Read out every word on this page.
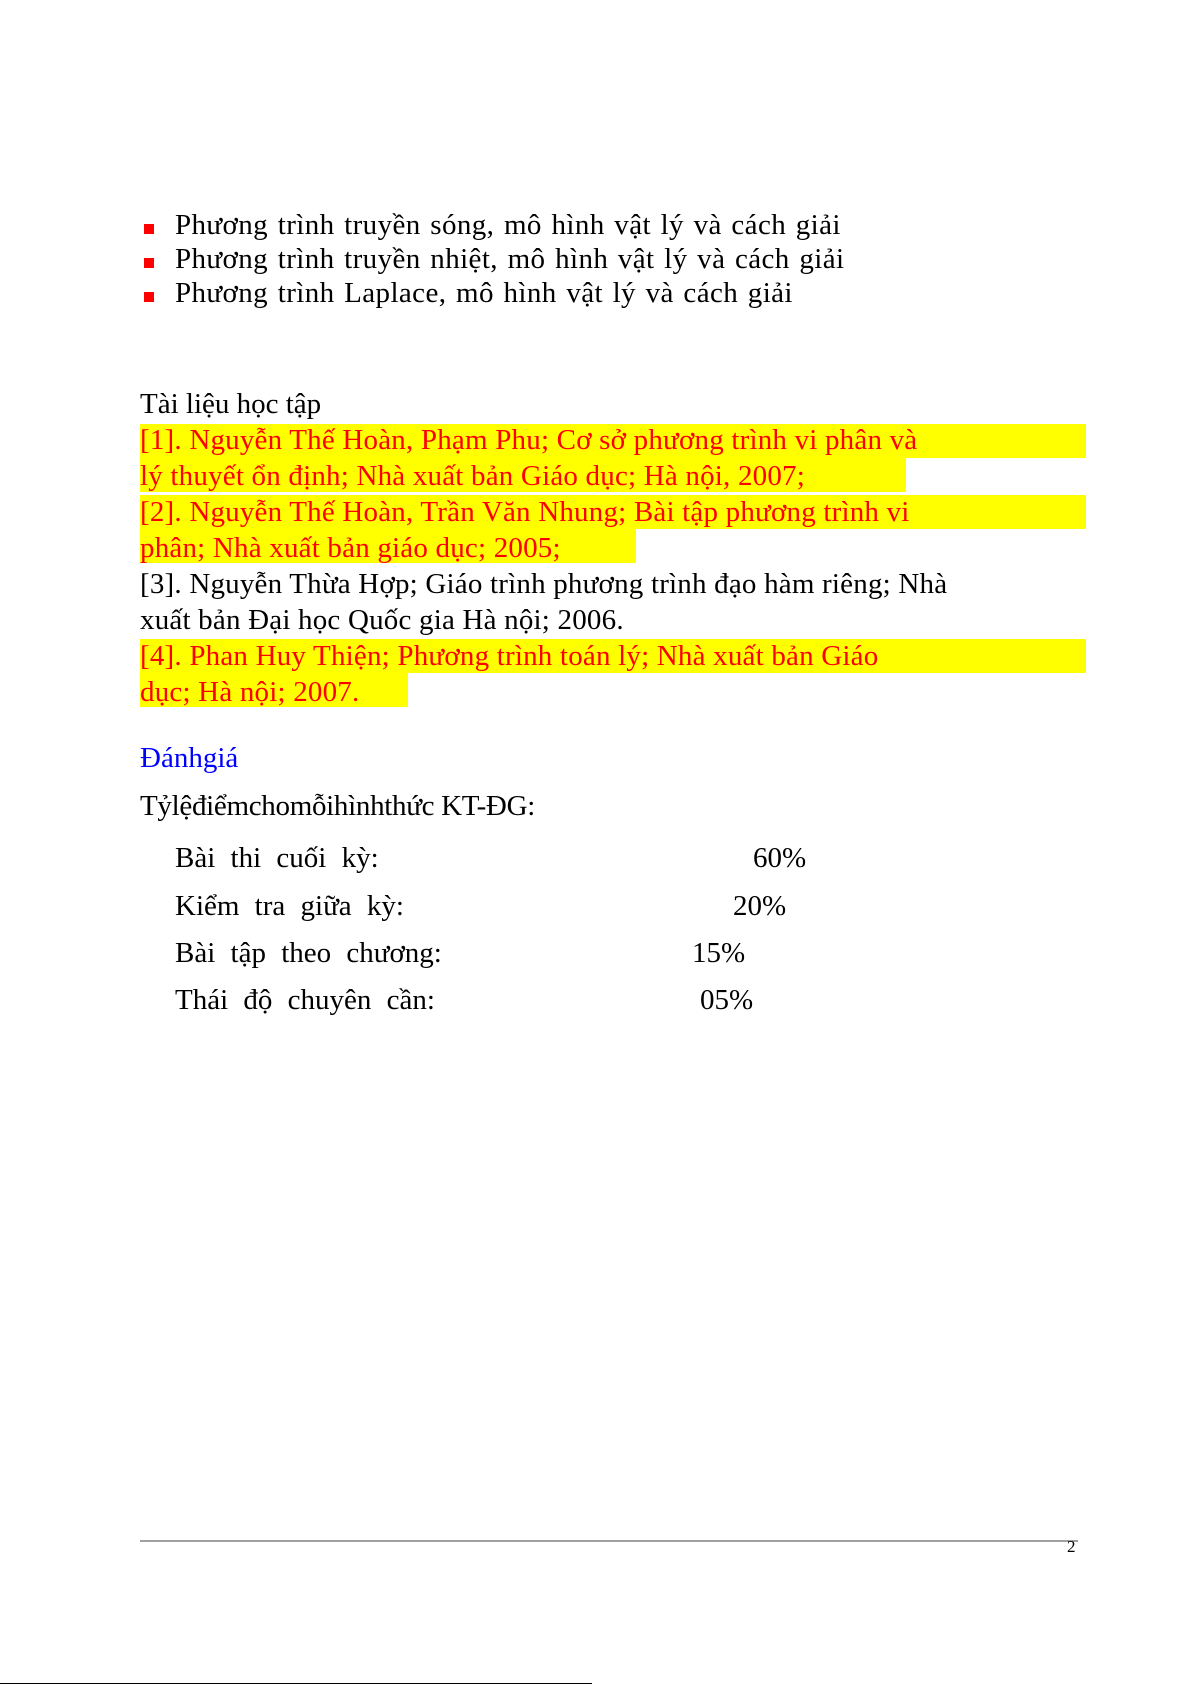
Phương trình truyền sóng, mô hình vật lý và cách giải
Phương trình truyền nhiệt, mô hình vật lý và cách giải
Phương trình Laplace, mô hình vật lý và cách giải

Tài liệu học tập

[1]. Nguyễn Thế Hoàn, Phạm Phu; Cơ sở phương trình vi phân và
lý thuyết ổn định; Nhà xuất bản Giáo dục; Hà nội, 2007;
[2]. Nguyễn Thế Hoàn, Trần Văn Nhung; Bài tập phương trình vi
phân; Nhà xuất bản giáo dục; 2005;
[3]. Nguyễn Thừa Hợp; Giáo trình phương trình đạo hàm riêng; Nhà
xuất bản Đại học Quốc gia Hà nội; 2006.
[4]. Phan Huy Thiện; Phương trình toán lý; Nhà xuất bản Giáo
dục; Hà nội; 2007.

Đánhgiá

Tỷlệđiểmchomỗihìnhthức KT-ĐG:

Bài thi cuối kỳ:	60%
Kiểm tra giữa kỳ:	20%
Bài tập theo chương:	15%
Thái độ chuyên cần:	05%
2
